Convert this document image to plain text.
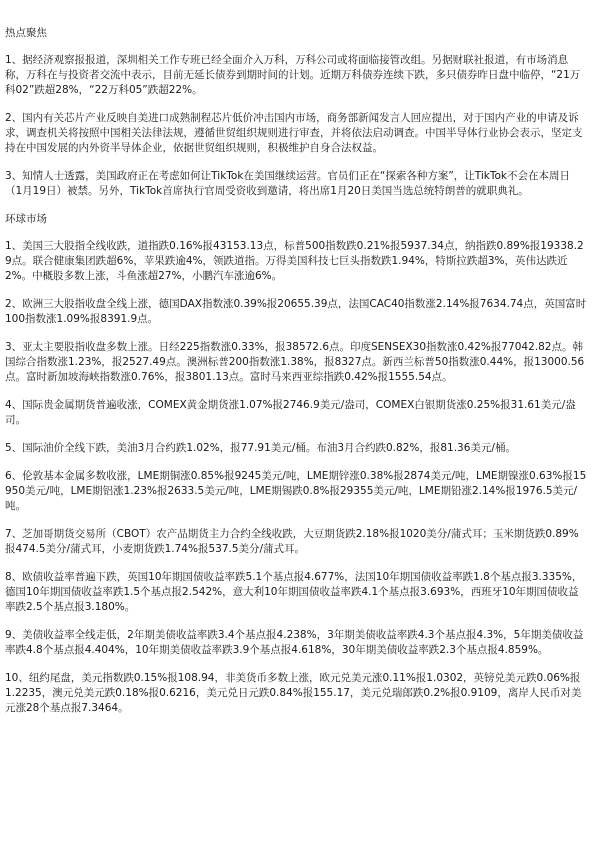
热点聚焦

1、据经济观察报报道，深圳相关工作专班已经全面介入万科，万科公司或将面临接管改组。另据财联社报道，有市场消息称，万科在与投资者交流中表示，目前无延长债券到期时间的计划。近期万科债券连续下跌，多只债券昨日盘中临停，“21万科02”跌超28%，“22万科05”跌超22%。

2、国内有关芯片产业反映自美进口成熟制程芯片低价冲击国内市场，商务部新闻发言人回应提出，对于国内产业的申请及诉求，调查机关将按照中国相关法律法规，遵循世贸组织规则进行审查，并将依法启动调查。中国半导体行业协会表示，坚定支持在中国发展的内外资半导体企业，依据世贸组织规则，积极维护自身合法权益。

3、知情人士透露，美国政府正在考虑如何让TikTok在美国继续运营。官员们正在“探索各种方案”，让TikTok不会在本周日（1月19日）被禁。另外，TikTok首席执行官周受资收到邀请，将出席1月20日美国当选总统特朗普的就职典礼。

环球市场

1、美国三大股指全线收跌，道指跌0.16%报43153.13点，标普500指数跌0.21%报5937.34点，纳指跌0.89%报19338.29点。联合健康集团跌超6%，苹果跌逾4%，领跌道指。万得美国科技七巨头指数跌1.94%，特斯拉跌超3%，英伟达跌近2%。中概股多数上涨，斗鱼涨超27%，小鹏汽车涨逾6%。

2、欧洲三大股指收盘全线上涨，德国DAX指数涨0.39%报20655.39点，法国CAC40指数涨2.14%报7634.74点，英国富时100指数涨1.09%报8391.9点。

3、亚太主要股指收盘多数上涨。日经225指数涨0.33%，报38572.6点。印度SENSEX30指数涨0.42%报77042.82点。韩国综合指数涨1.23%，报2527.49点。澳洲标普200指数涨1.38%，报8327点。新西兰标普50指数涨0.44%，报13000.56点。富时新加坡海峡指数涨0.76%，报3801.13点。富时马来西亚综指跌0.42%报1555.54点。

4、国际贵金属期货普遍收涨，COMEX黄金期货涨1.07%报2746.9美元/盎司，COMEX白银期货涨0.25%报31.61美元/盎司。

5、国际油价全线下跌，美油3月合约跌1.02%，报77.91美元/桶。布油3月合约跌0.82%，报81.36美元/桶。

6、伦敦基本金属多数收涨，LME期铜涨0.85%报9245美元/吨，LME期锌涨0.38%报2874美元/吨，LME期镍涨0.63%报15950美元/吨，LME期铝涨1.23%报2633.5美元/吨，LME期锡跌0.8%报29355美元/吨，LME期铅涨2.14%报1976.5美元/吨。

7、芝加哥期货交易所（CBOT）农产品期货主力合约全线收跌，大豆期货跌2.18%报1020美分/蒲式耳；玉米期货跌0.89%报474.5美分/蒲式耳，小麦期货跌1.74%报537.5美分/蒲式耳。

8、欧债收益率普遍下跌，英国10年期国债收益率跌5.1个基点报4.677%，法国10年期国债收益率跌1.8个基点报3.335%，德国10年期国债收益率跌1.5个基点报2.542%，意大利10年期国债收益率跌4.1个基点报3.693%，西班牙10年期国债收益率跌2.5个基点报3.180%。

9、美债收益率全线走低，2年期美债收益率跌3.4个基点报4.238%，3年期美债收益率跌4.3个基点报4.3%，5年期美债收益率跌4.8个基点报4.404%，10年期美债收益率跌3.9个基点报4.618%，30年期美债收益率跌2.3个基点报4.859%。

10、纽约尾盘，美元指数跌0.15%报108.94，非美货币多数上涨，欧元兑美元涨0.11%报1.0302，英镑兑美元跌0.06%报1.2235，澳元兑美元跌0.18%报0.6216，美元兑日元跌0.84%报155.17，美元兑瑞郎跌0.2%报0.9109，离岸人民币对美元涨28个基点报7.3464。
